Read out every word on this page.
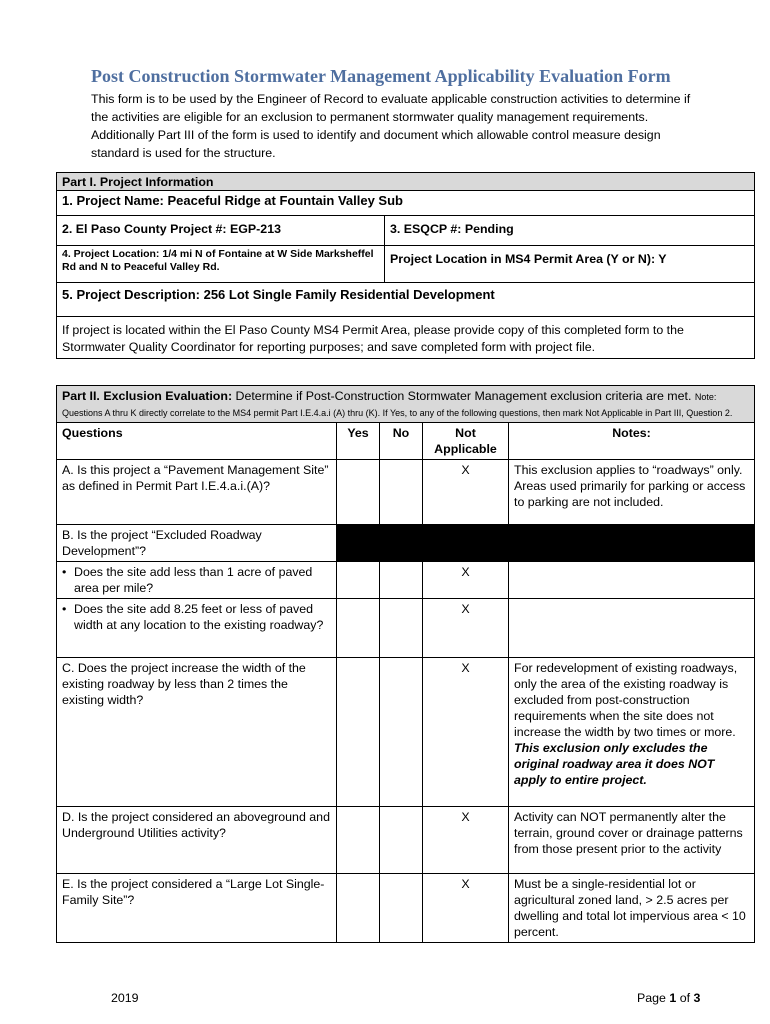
Post Construction Stormwater Management Applicability Evaluation Form

This form is to be used by the Engineer of Record to evaluate applicable construction activities to determine if

the activities are eligible for an exclusion to permanent stormwater quality management requirements.

Additionally Part III of the form is used to identify and document which allowable control measure design

standard is used for the structure.

Part I. Project Information	
1. Project Name: Peaceful Ridge at Fountain Valley Sub	
2. El Paso County Project #: EGP-213	3. ESQCP #: Pending
4. Project Location: 1/4 mi N of Fontaine at W Side Marksheffel Rd and N to Peaceful Valley Rd.	Project Location in MS4 Permit Area (Y or N): Y
5. Project Description: 256 Lot Single Family Residential Development	
If project is located within the El Paso County MS4 Permit Area, please provide copy of this completed form to the Stormwater Quality Coordinator for reporting purposes; and save completed form with project file.	
Part II. Exclusion Evaluation: Determine if Post-Construction Stormwater Management exclusion criteria are met. Note: Questions A thru K directly correlate to the MS4 permit Part I.E.4.a.i (A) thru (K). If Yes, to any of the following questions, then mark Not Applicable in Part III, Question 2.				
Questions	Yes	No	Not Applicable	Notes:
A. Is this project a “Pavement Management Site” as defined in Permit Part I.E.4.a.i.(A)?			X	This exclusion applies to “roadways” only. Areas used primarily for parking or access to parking are not included.
B. Is the project “Excluded Roadway Development”?				

• Does the site add less than 1 acre of paved area per mile?			X	

• Does the site add 8.25 feet or less of paved width at any location to the existing roadway?			X	
C. Does the project increase the width of the existing roadway by less than 2 times the existing width?			X	For redevelopment of existing roadways, only the area of the existing roadway is excluded from post-construction requirements when the site does not increase the width by two times or more. This exclusion only excludes the original roadway area it does NOT apply to entire project.
D. Is the project considered an aboveground and Underground Utilities activity?			X	Activity can NOT permanently alter the terrain, ground cover or drainage patterns from those present prior to the activity
E. Is the project considered a “Large Lot Single-Family Site”?			X	Must be a single-residential lot or agricultural zoned land, > 2.5 acres per dwelling and total lot impervious area < 10 percent.
2019	Page 1 of 3
